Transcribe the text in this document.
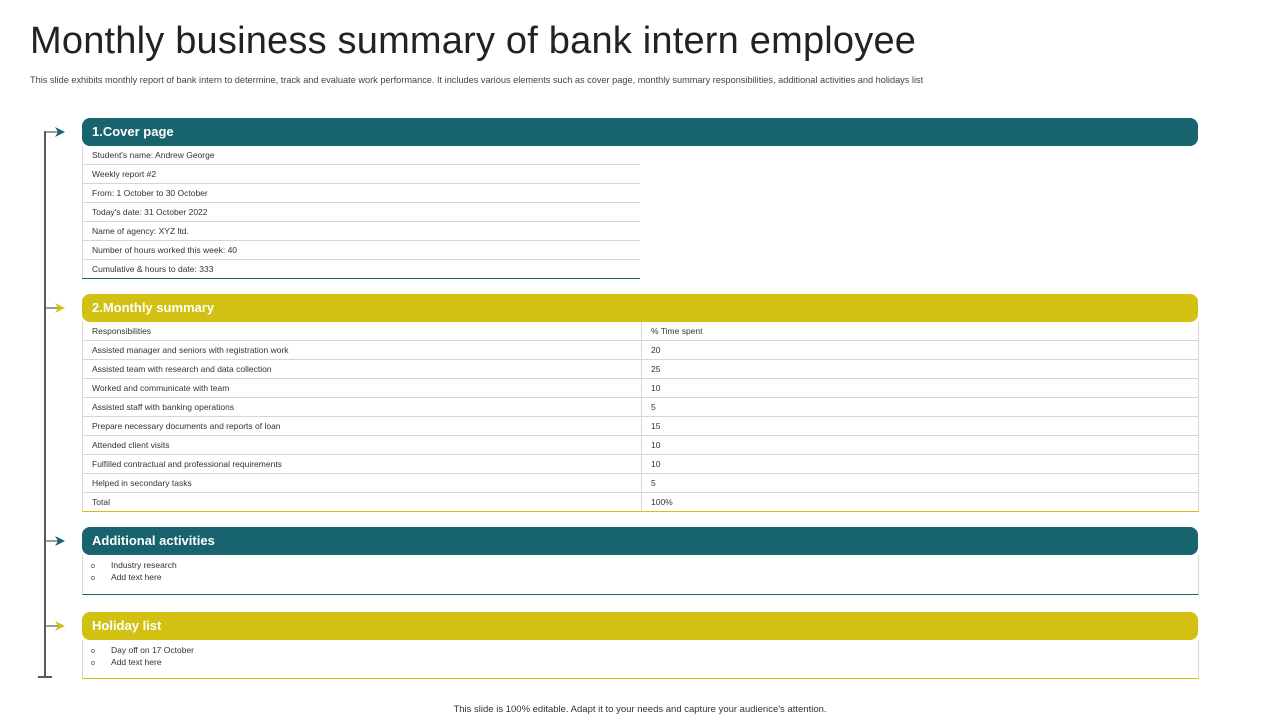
Monthly business summary of bank intern employee

This slide exhibits monthly report of bank intern to determine, track and evaluate work performance. It includes various elements such as cover page, monthly summary responsibilities, additional activities and holidays list

1.Cover page
Student's name: Andrew George
Weekly report #2
From: 1 October to 30 October
Today's date: 31 October 2022
Name of agency: XYZ ltd.
Number of hours worked this week: 40
Cumulative & hours to date: 333
2.Monthly summary
Responsibilities	% Time spent
Assisted manager and seniors with registration work	20
Assisted team with research and data collection	25
Worked and communicate with team	10
Assisted staff with banking operations	5
Prepare necessary documents and reports of loan	15
Attended client visits	10
Fulfilled contractual and professional requirements	10
Helped in secondary tasks	5
Total	100%
Additional activities
o Industry research
o Add text here
Holiday list
o Day off on 17 October
o Add text here

This slide is 100% editable. Adapt it to your needs and capture your audience's attention.
